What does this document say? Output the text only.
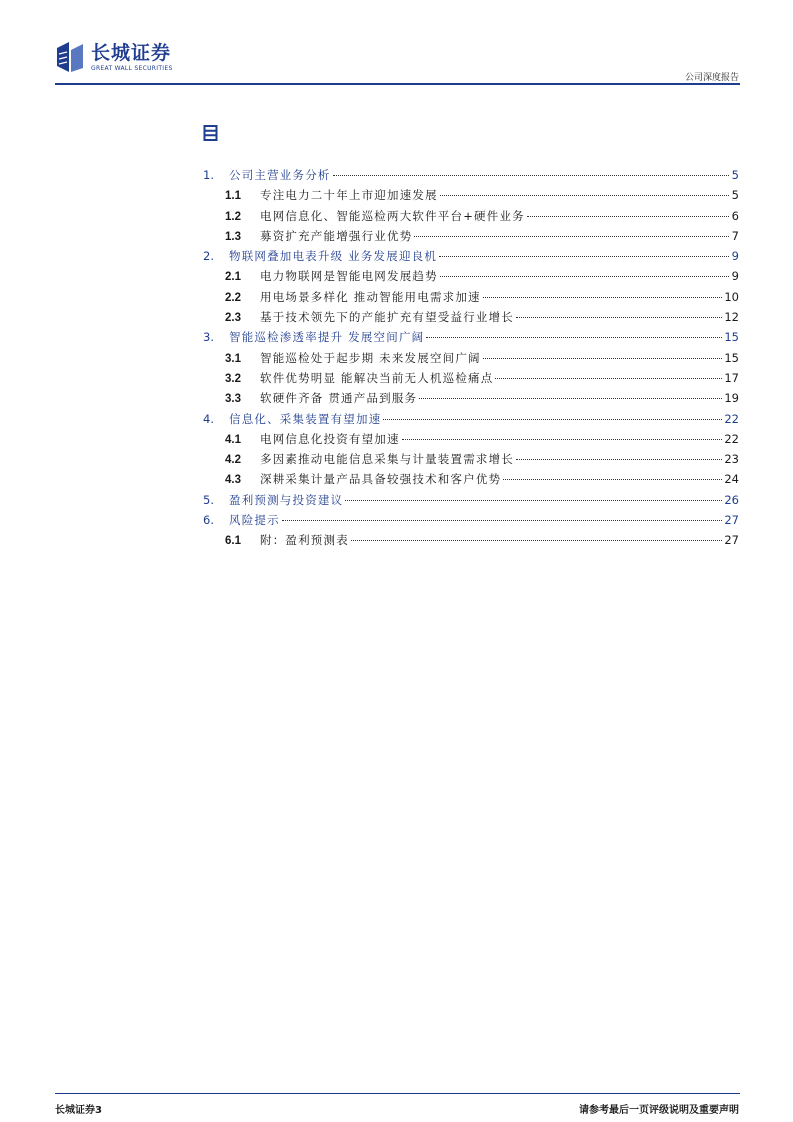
长城证券
GREAT WALL SECURITIES
公司深度报告
1.	公司主营业务分析	5
1.1	专注电力二十年上市迎加速发展	5
1.2	电网信息化、智能巡检两大软件平台+硬件业务	6
1.3	募资扩充产能增强行业优势	7
2.	物联网叠加电表升级 业务发展迎良机	9
2.1	电力物联网是智能电网发展趋势	9
2.2	用电场景多样化 推动智能用电需求加速	10
2.3	基于技术领先下的产能扩充有望受益行业增长	12
3.	智能巡检渗透率提升 发展空间广阔	15
3.1	智能巡检处于起步期 未来发展空间广阔	15
3.2	软件优势明显 能解决当前无人机巡检痛点	17
3.3	软硬件齐备 贯通产品到服务	19
4.	信息化、采集装置有望加速	22
4.1	电网信息化投资有望加速	22
4.2	多因素推动电能信息采集与计量装置需求增长	23
4.3	深耕采集计量产品具备较强技术和客户优势	24
5.	盈利预测与投资建议	26
6.	风险提示	27
6.1	附：盈利预测表	27
长城证券3	请参考最后一页评级说明及重要声明
